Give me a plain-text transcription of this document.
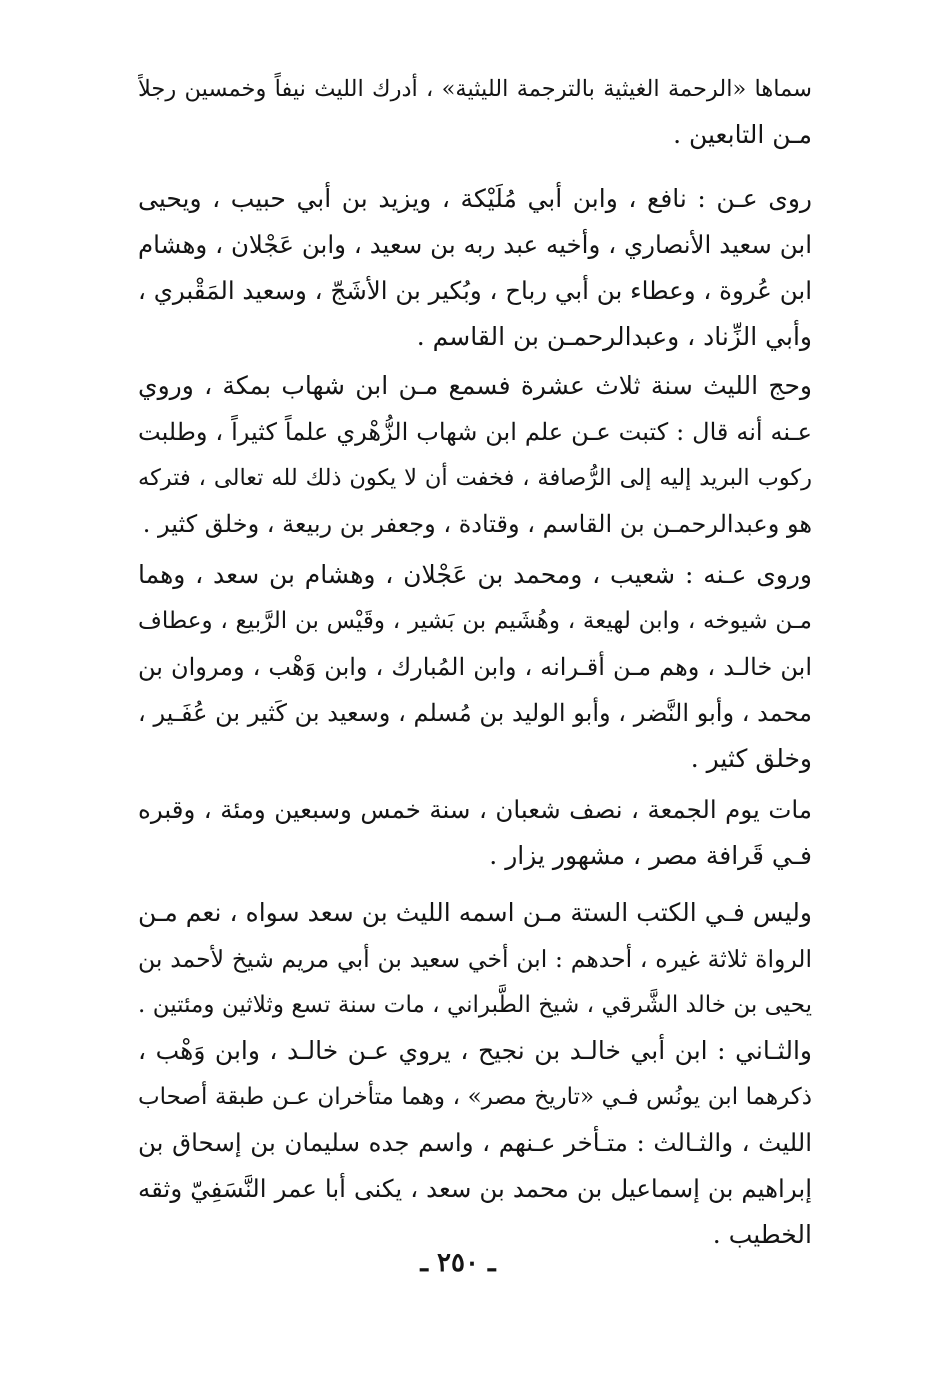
سماها «الرحمة الغيثية بالترجمة الليثية» ، أدرك الليث نيفاً وخمسين رجلاً
مـن التابعين .
روى عـن : نافع ، وابن أبي مُلَيْكة ، ويزيد بن أبي حبيب ، ويحيى
ابن سعيد الأنصاري ، وأخيه عبد ربه بن سعيد ، وابن عَجْلان ، وهشام
ابن عُروة ، وعطاء بن أبي رباح ، وبُكير بن الأشَجّ ، وسعيد المَقْبري ،
وأبي الزِّناد ، وعبدالرحمـن بن القاسم .
وحج الليث سنة ثلاث عشرة فسمع مـن ابن شهاب بمكة ، وروي
عـنه أنه قال : كتبت عـن علم ابن شهاب الزُّهْري علماً كثيراً ، وطلبت
ركوب البريد إليه إلى الرُّصافة ، فخفت أن لا يكون ذلك لله تعالى ، فتركه
هو وعبدالرحمـن بن القاسم ، وقتادة ، وجعفر بن ربيعة ، وخلق كثير .
وروى عـنه : شعيب ، ومحمد بن عَجْلان ، وهشام بن سعد ، وهما
مـن شيوخه ، وابن لهيعة ، وهُشَيم بن بَشير ، وقَيْس بن الرَّبيع ، وعطاف
ابن خالـد ، وهم مـن أقـرانه ، وابن المُبارك ، وابن وَهْب ، ومروان بن
محمد ، وأبو النَّضر ، وأبو الوليد بن مُسلم ، وسعيد بن كَثير بن عُفَـير ،
وخلق كثير .
مات يوم الجمعة ، نصف شعبان ، سنة خمس وسبعين ومئة ، وقبره
فـي قَرافة مصر ، مشهور يزار .
وليس فـي الكتب الستة مـن اسمه الليث بن سعد سواه ، نعم مـن
الرواة ثلاثة غيره ، أحدهم : ابن أخي سعيد بن أبي مريم شيخ لأحمد بن
يحيى بن خالد الشَّرقي ، شيخ الطَّبراني ، مات سنة تسع وثلاثين ومئتين .
والثـاني : ابن أبي خالـد بن نجيح ، يروي عـن خالـد ، وابن وَهْب ،
ذكرهما ابن يونُس فـي «تاريخ مصر» ، وهما متأخران عـن طبقة أصحاب
الليث ، والثـالث : متـأخر عـنهم ، واسم جده سليمان بن إسحاق بن
إبراهيم بن إسماعيل بن محمد بن سعد ، يكنى أبا عمر النَّسَفِيّ وثقه
الخطيب .
ـ ٢٥٠ ـ
